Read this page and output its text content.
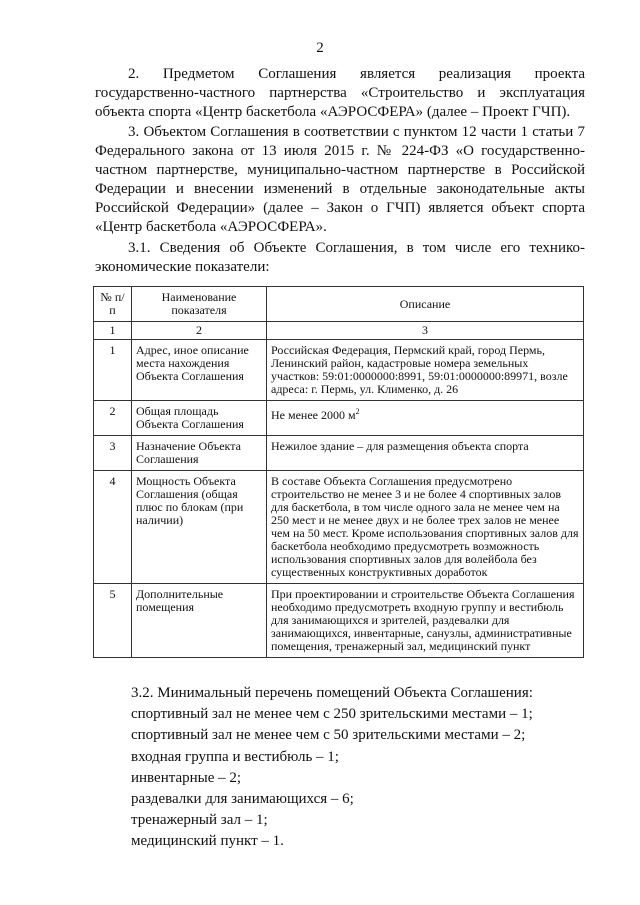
2

2. Предметом Соглашения является реализация проекта государственно-частного партнерства «Строительство и эксплуатация объекта спорта «Центр баскетбола «АЭРОСФЕРА» (далее – Проект ГЧП).

3. Объектом Соглашения в соответствии с пунктом 12 части 1 статьи 7 Федерального закона от 13 июля 2015 г. № 224-ФЗ «О государственно-частном партнерстве, муниципально-частном партнерстве в Российской Федерации и внесении изменений в отдельные законодательные акты Российской Федерации» (далее – Закон о ГЧП) является объект спорта «Центр баскетбола «АЭРОСФЕРА».

3.1. Сведения об Объекте Соглашения, в том числе его технико-экономические показатели:

№ п/п	Наименование показателя	Описание
1	2	3
1	Адрес, иное описание места нахождения Объекта Соглашения	Российская Федерация, Пермский край, город Пермь, Ленинский район, кадастровые номера земельных участков: 59:01:0000000:8991, 59:01:0000000:89971, возле адреса: г. Пермь, ул. Клименко, д. 26
2	Общая площадь Объекта Соглашения	Не менее 2000 $м^2$
3	Назначение Объекта Соглашения	Нежилое здание – для размещения объекта спорта
4	Мощность Объекта Соглашения (общая плюс по блокам (при наличии)	В составе Объекта Соглашения предусмотрено строительство не менее 3 и не более 4 спортивных залов для баскетбола, в том числе одного зала не менее чем на 250 мест и не менее двух и не более трех залов не менее чем на 50 мест. Кроме использования спортивных залов для баскетбола необходимо предусмотреть возможность использования спортивных залов для волейбола без существенных конструктивных доработок
5	Дополнительные помещения	При проектировании и строительстве Объекта Соглашения необходимо предусмотреть входную группу и вестибюль для занимающихся и зрителей, раздевалки для занимающихся, инвентарные, санузлы, административные помещения, тренажерный зал, медицинский пункт
3.2. Минимальный перечень помещений Объекта Соглашения:
спортивный зал не менее чем с 250 зрительскими местами – 1;
спортивный зал не менее чем с 50 зрительскими местами – 2;
входная группа и вестибюль – 1;
инвентарные – 2;
раздевалки для занимающихся – 6;
тренажерный зал – 1;
медицинский пункт – 1.
